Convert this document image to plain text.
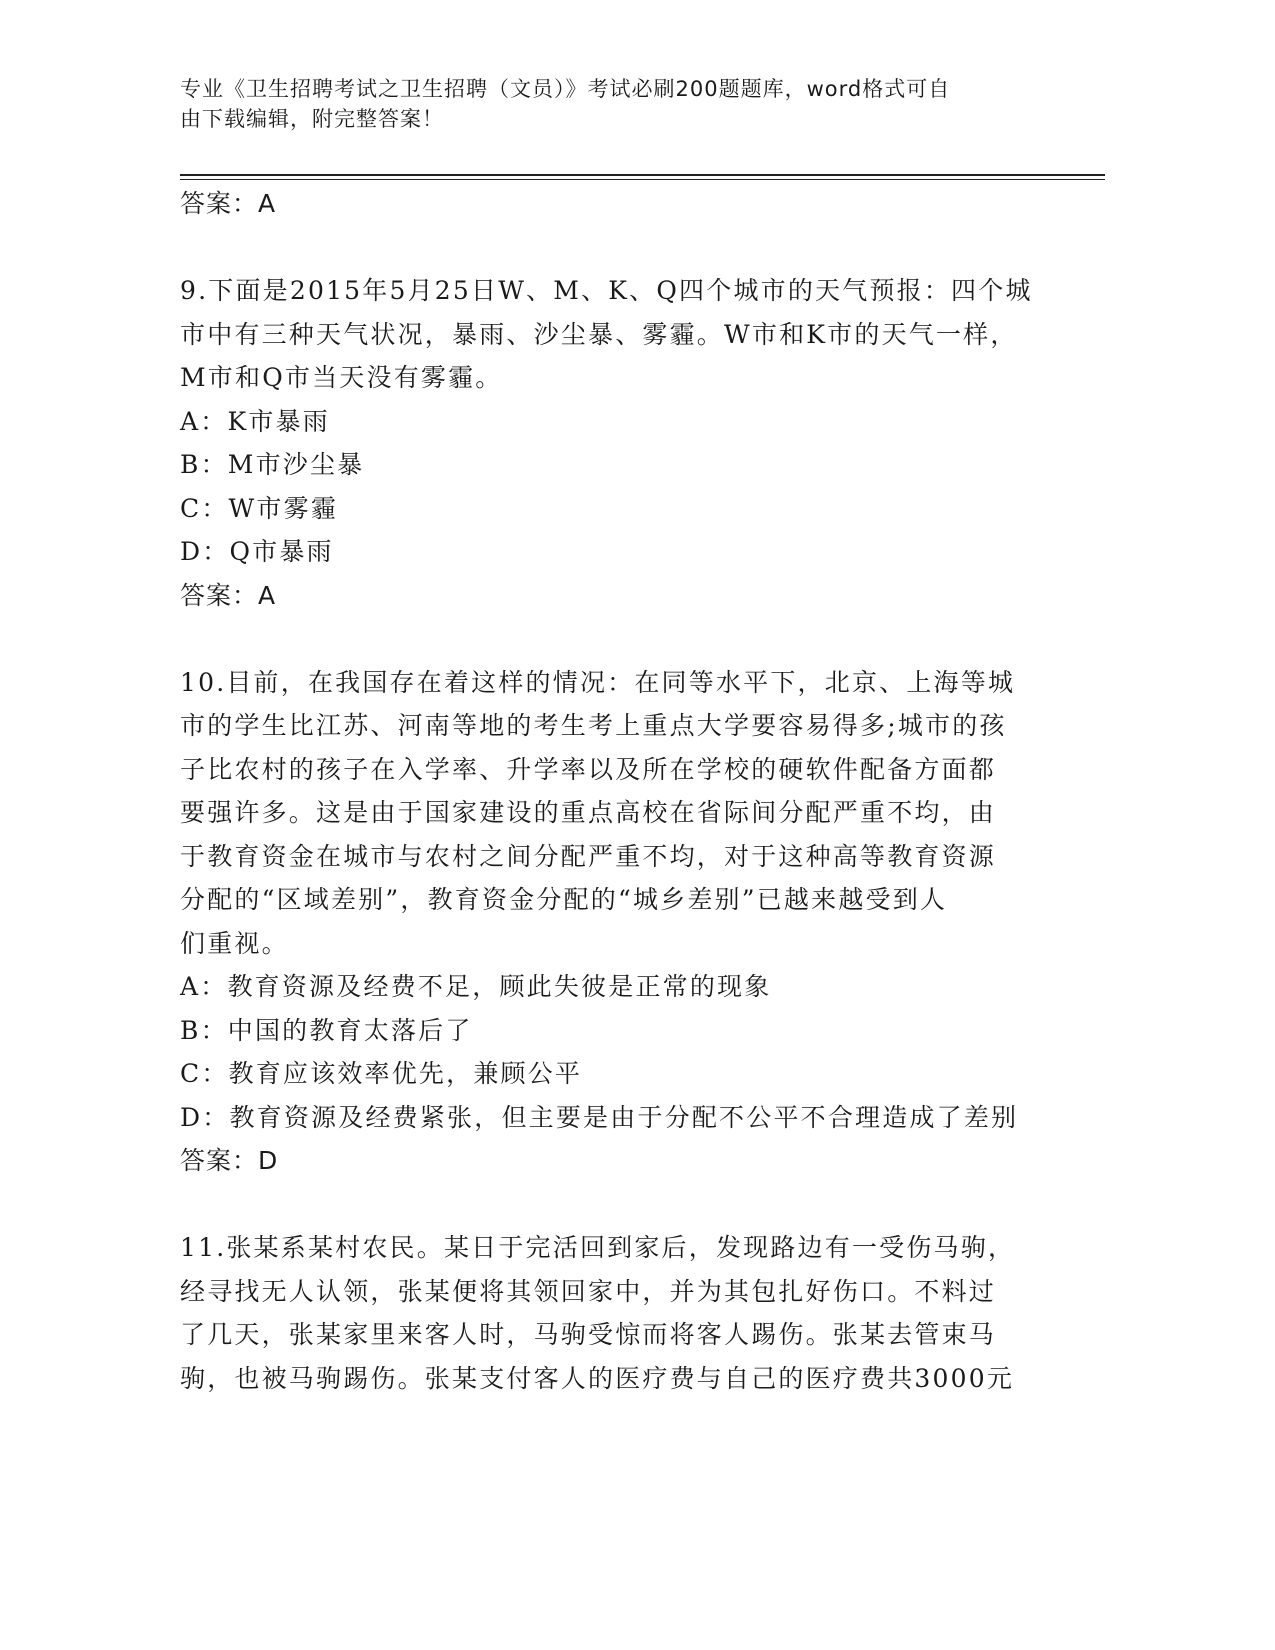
专业《卫生招聘考试之卫生招聘（文员）》考试必刷200题题库，word格式可自
由下载编辑，附完整答案！
答案：A
9.下面是2015年5月25日W、M、K、Q四个城市的天气预报：四个城
市中有三种天气状况，暴雨、沙尘暴、雾霾。W市和K市的天气一样，
M市和Q市当天没有雾霾。
A：K市暴雨
B：M市沙尘暴
C：W市雾霾
D：Q市暴雨
答案：A
10.目前，在我国存在着这样的情况：在同等水平下，北京、上海等城
市的学生比江苏、河南等地的考生考上重点大学要容易得多;城市的孩
子比农村的孩子在入学率、升学率以及所在学校的硬软件配备方面都
要强许多。这是由于国家建设的重点高校在省际间分配严重不均，由
于教育资金在城市与农村之间分配严重不均，对于这种高等教育资源
分配的“区域差别”，教育资金分配的“城乡差别”已越来越受到人
们重视。
A：教育资源及经费不足，顾此失彼是正常的现象
B：中国的教育太落后了
C：教育应该效率优先，兼顾公平
D：教育资源及经费紧张，但主要是由于分配不公平不合理造成了差别
答案：D
11.张某系某村农民。某日于完活回到家后，发现路边有一受伤马驹，
经寻找无人认领，张某便将其领回家中，并为其包扎好伤口。不料过
了几天，张某家里来客人时，马驹受惊而将客人踢伤。张某去管束马
驹，也被马驹踢伤。张某支付客人的医疗费与自己的医疗费共3000元
